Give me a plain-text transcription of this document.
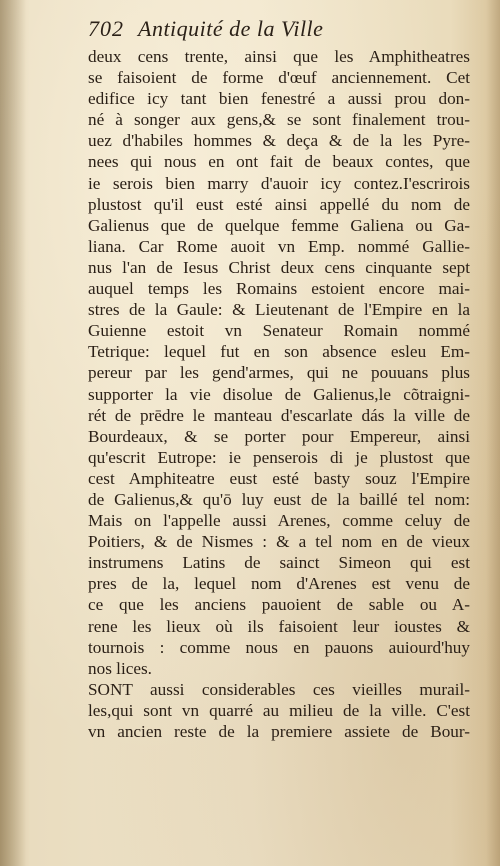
702 Antiquité de la Ville
deux cens trente, ainsi que les Amphitheatres
se faisoient de forme d'œuf anciennement. Cet
edifice icy tant bien fenestré a aussi prou don-
né à songer aux gens,& se sont finalement trou-
uez d'habiles hommes & deça & de la les Pyre-
nees qui nous en ont fait de beaux contes, que
ie serois bien marry d'auoir icy contez.I'escrirois
plustost qu'il eust esté ainsi appellé du nom de
Galienus que de quelque femme Galiena ou Ga-
liana. Car Rome auoit vn Emp. nommé Gallie-
nus l'an de Iesus Christ deux cens cinquante sept
auquel temps les Romains estoient encore mai-
stres de la Gaule: & Lieutenant de l'Empire en la
Guienne estoit vn Senateur Romain nommé
Tetrique: lequel fut en son absence esleu Em-
pereur par les gend'armes, qui ne pouuans plus
supporter la vie disolue de Galienus,le cõtraigni-
rét de prēdre le manteau d'escarlate dás la ville de
Bourdeaux, & se porter pour Empereur, ainsi
qu'escrit Eutrope: ie penserois di je plustost que
cest Amphiteatre eust esté basty souz l'Empire
de Galienus,& qu'ō luy eust de la baillé tel nom:
Mais on l'appelle aussi Arenes, comme celuy de
Poitiers, & de Nismes : & a tel nom en de vieux
instrumens Latins de sainct Simeon qui est
pres de la, lequel nom d'Arenes est venu de
ce que les anciens pauoient de sable ou A-
rene les lieux où ils faisoient leur ioustes &
tournois : comme nous en pauons auiourd'huy
nos lices.
SONT aussi considerables ces vieilles murail-
les,qui sont vn quarré au milieu de la ville. C'est
vn ancien reste de la premiere assiete de Bour-
